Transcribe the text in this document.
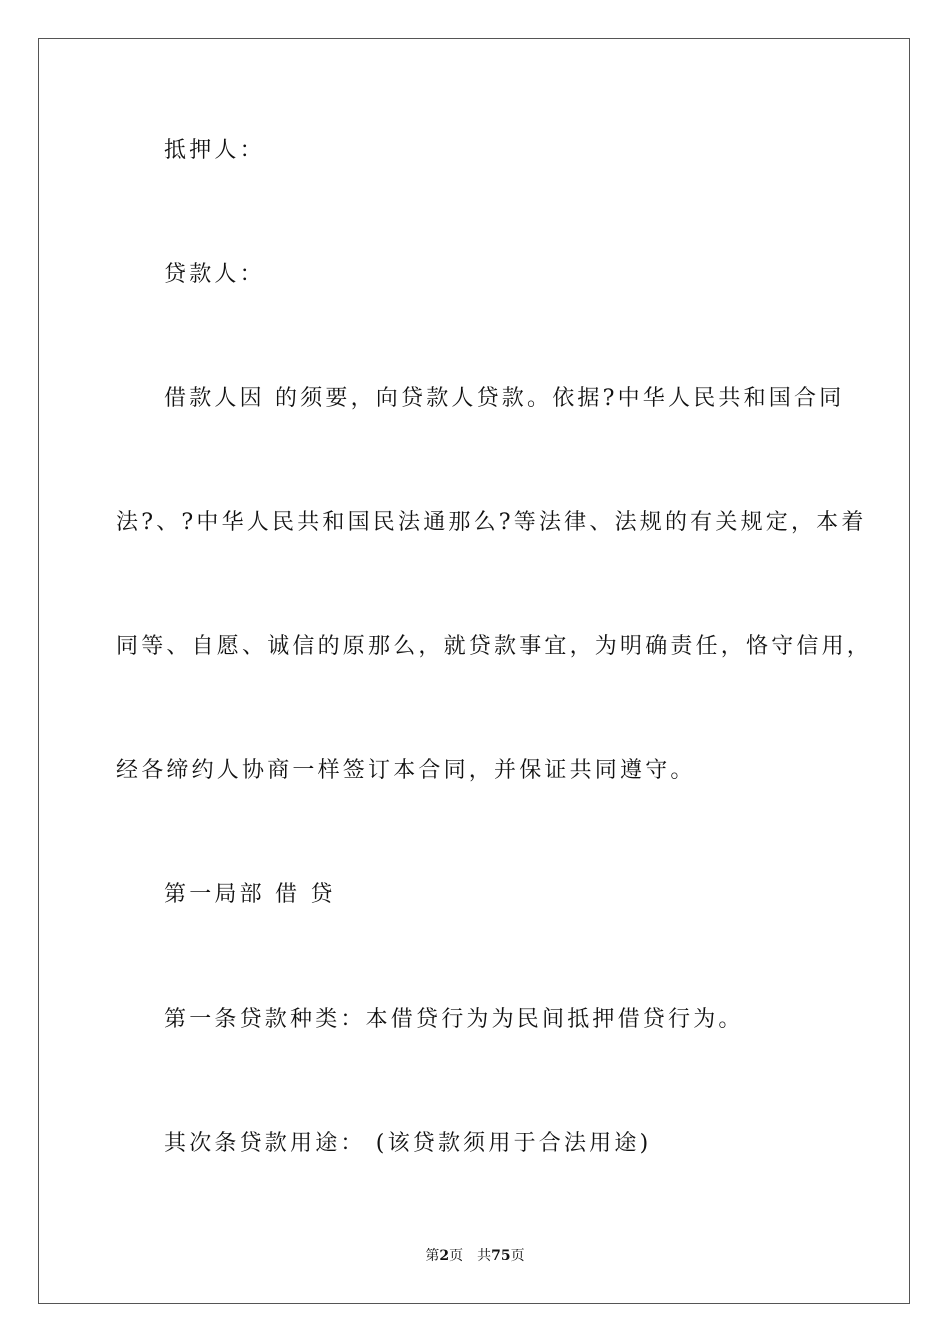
抵押人：
贷款人：
借款人因 的须要，向贷款人贷款。依据?中华人民共和国合同
法?、?中华人民共和国民法通那么?等法律、法规的有关规定，本着
同等、自愿、诚信的原那么，就贷款事宜，为明确责任，恪守信用，
经各缔约人协商一样签订本合同，并保证共同遵守。
第一局部 借 贷
第一条贷款种类：本借贷行为为民间抵押借贷行为。
其次条贷款用途： (该贷款须用于合法用途)
第2页 共75页
